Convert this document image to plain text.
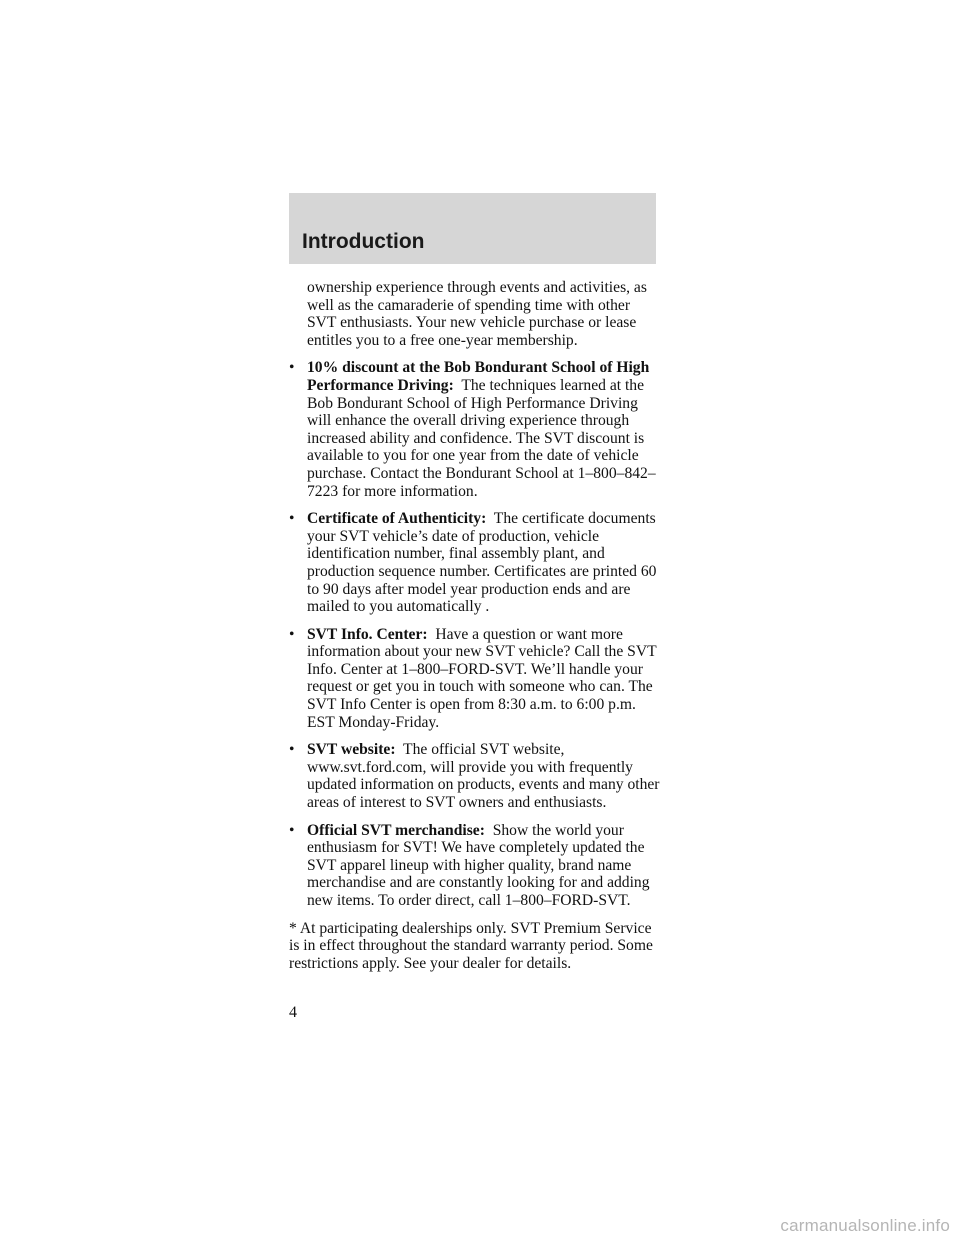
Introduction

ownership experience through events and activities, as well as the camaraderie of spending time with other SVT enthusiasts. Your new vehicle purchase or lease entitles you to a free one-year membership.

• 10% discount at the Bob Bondurant School of High Performance Driving:  The techniques learned at the Bob Bondurant School of High Performance Driving will enhance the overall driving experience through increased ability and confidence. The SVT discount is available to you for one year from the date of vehicle purchase. Contact the Bondurant School at 1–800–842–7223 for more information.
• Certificate of Authenticity:  The certificate documents your SVT vehicle’s date of production, vehicle identification number, final assembly plant, and production sequence number. Certificates are printed 60 to 90 days after model year production ends and are mailed to you automatically .
• SVT Info. Center:  Have a question or want more information about your new SVT vehicle? Call the SVT Info. Center at 1–800–FORD-SVT. We’ll handle your request or get you in touch with someone who can. The SVT Info Center is open from 8:30 a.m. to 6:00 p.m. EST Monday-Friday.
• SVT website:  The official SVT website, www.svt.ford.com, will provide you with frequently updated information on products, events and many other areas of interest to SVT owners and enthusiasts.
• Official SVT merchandise:  Show the world your enthusiasm for SVT! We have completely updated the SVT apparel lineup with higher quality, brand name merchandise and are constantly looking for and adding new items. To order direct, call 1–800–FORD-SVT.

* At participating dealerships only. SVT Premium Service is in effect throughout the standard warranty period. Some restrictions apply. See your dealer for details.

4
carmanualsonline.info
